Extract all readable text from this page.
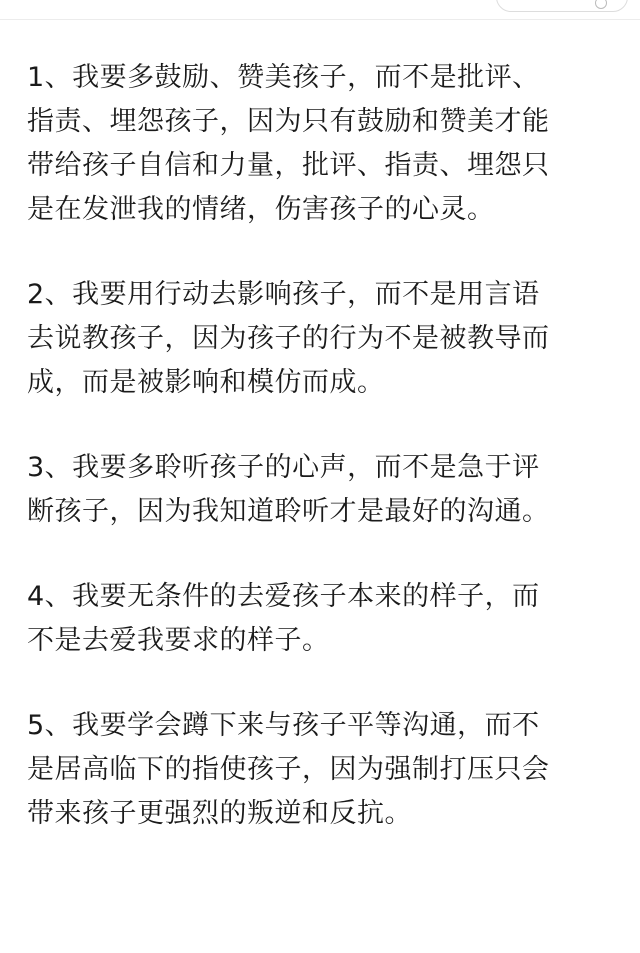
1、我要多鼓励、赞美孩子，而不是批评、
指责、埋怨孩子，因为只有鼓励和赞美才能
带给孩子自信和力量，批评、指责、埋怨只
是在发泄我的情绪，伤害孩子的心灵。

2、我要用行动去影响孩子，而不是用言语
去说教孩子，因为孩子的行为不是被教导而
成，而是被影响和模仿而成。

3、我要多聆听孩子的心声，而不是急于评
断孩子，因为我知道聆听才是最好的沟通。

4、我要无条件的去爱孩子本来的样子，而
不是去爱我要求的样子。

5、我要学会蹲下来与孩子平等沟通，而不
是居高临下的指使孩子，因为强制打压只会
带来孩子更强烈的叛逆和反抗。
